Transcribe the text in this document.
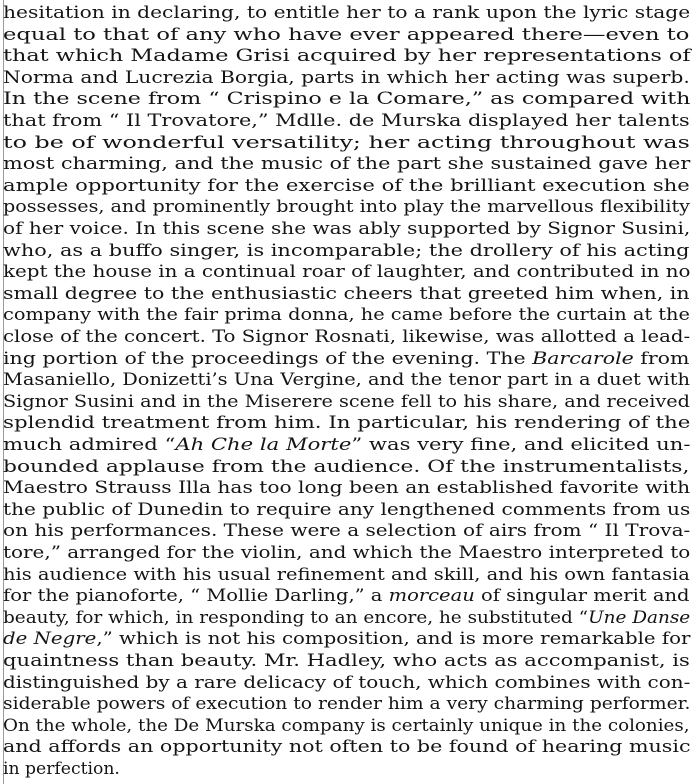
hesitation in declaring, to entitle her to a rank upon the lyric stage
equal to that of any who have ever appeared there—even to
that which Madame Grisi acquired by her representations of
Norma and Lucrezia Borgia, parts in which her acting was superb.
In the scene from “ Crispino e la Comare,” as compared with
that from “ Il Trovatore,” Mdlle. de Murska displayed her talents
to be of wonderful versatility; her acting throughout was
most charming, and the music of the part she sustained gave her
ample opportunity for the exercise of the brilliant execution she
possesses, and prominently brought into play the marvellous flexibility
of her voice. In this scene she was ably supported by Signor Susini,
who, as a buffo singer, is incomparable; the drollery of his acting
kept the house in a continual roar of laughter, and contributed in no
small degree to the enthusiastic cheers that greeted him when, in
company with the fair prima donna, he came before the curtain at the
close of the concert. To Signor Rosnati, likewise, was allotted a lead-
ing portion of the proceedings of the evening. The Barcarole from
Masaniello, Donizetti’s Una Vergine, and the tenor part in a duet with
Signor Susini and in the Miserere scene fell to his share, and received
splendid treatment from him. In particular, his rendering of the
much admired “Ah Che la Morte” was very fine, and elicited un-
bounded applause from the audience. Of the instrumentalists,
Maestro Strauss Illa has too long been an established favorite with
the public of Dunedin to require any lengthened comments from us
on his performances. These were a selection of airs from “ Il Trova-
tore,” arranged for the violin, and which the Maestro interpreted to
his audience with his usual refinement and skill, and his own fantasia
for the pianoforte, “ Mollie Darling,” a morceau of singular merit and
beauty, for which, in responding to an encore, he substituted “Une Danse
de Negre,” which is not his composition, and is more remarkable for
quaintness than beauty. Mr. Hadley, who acts as accompanist, is
distinguished by a rare delicacy of touch, which combines with con-
siderable powers of execution to render him a very charming performer.
On the whole, the De Murska company is certainly unique in the colonies,
and affords an opportunity not often to be found of hearing music
in perfection.
